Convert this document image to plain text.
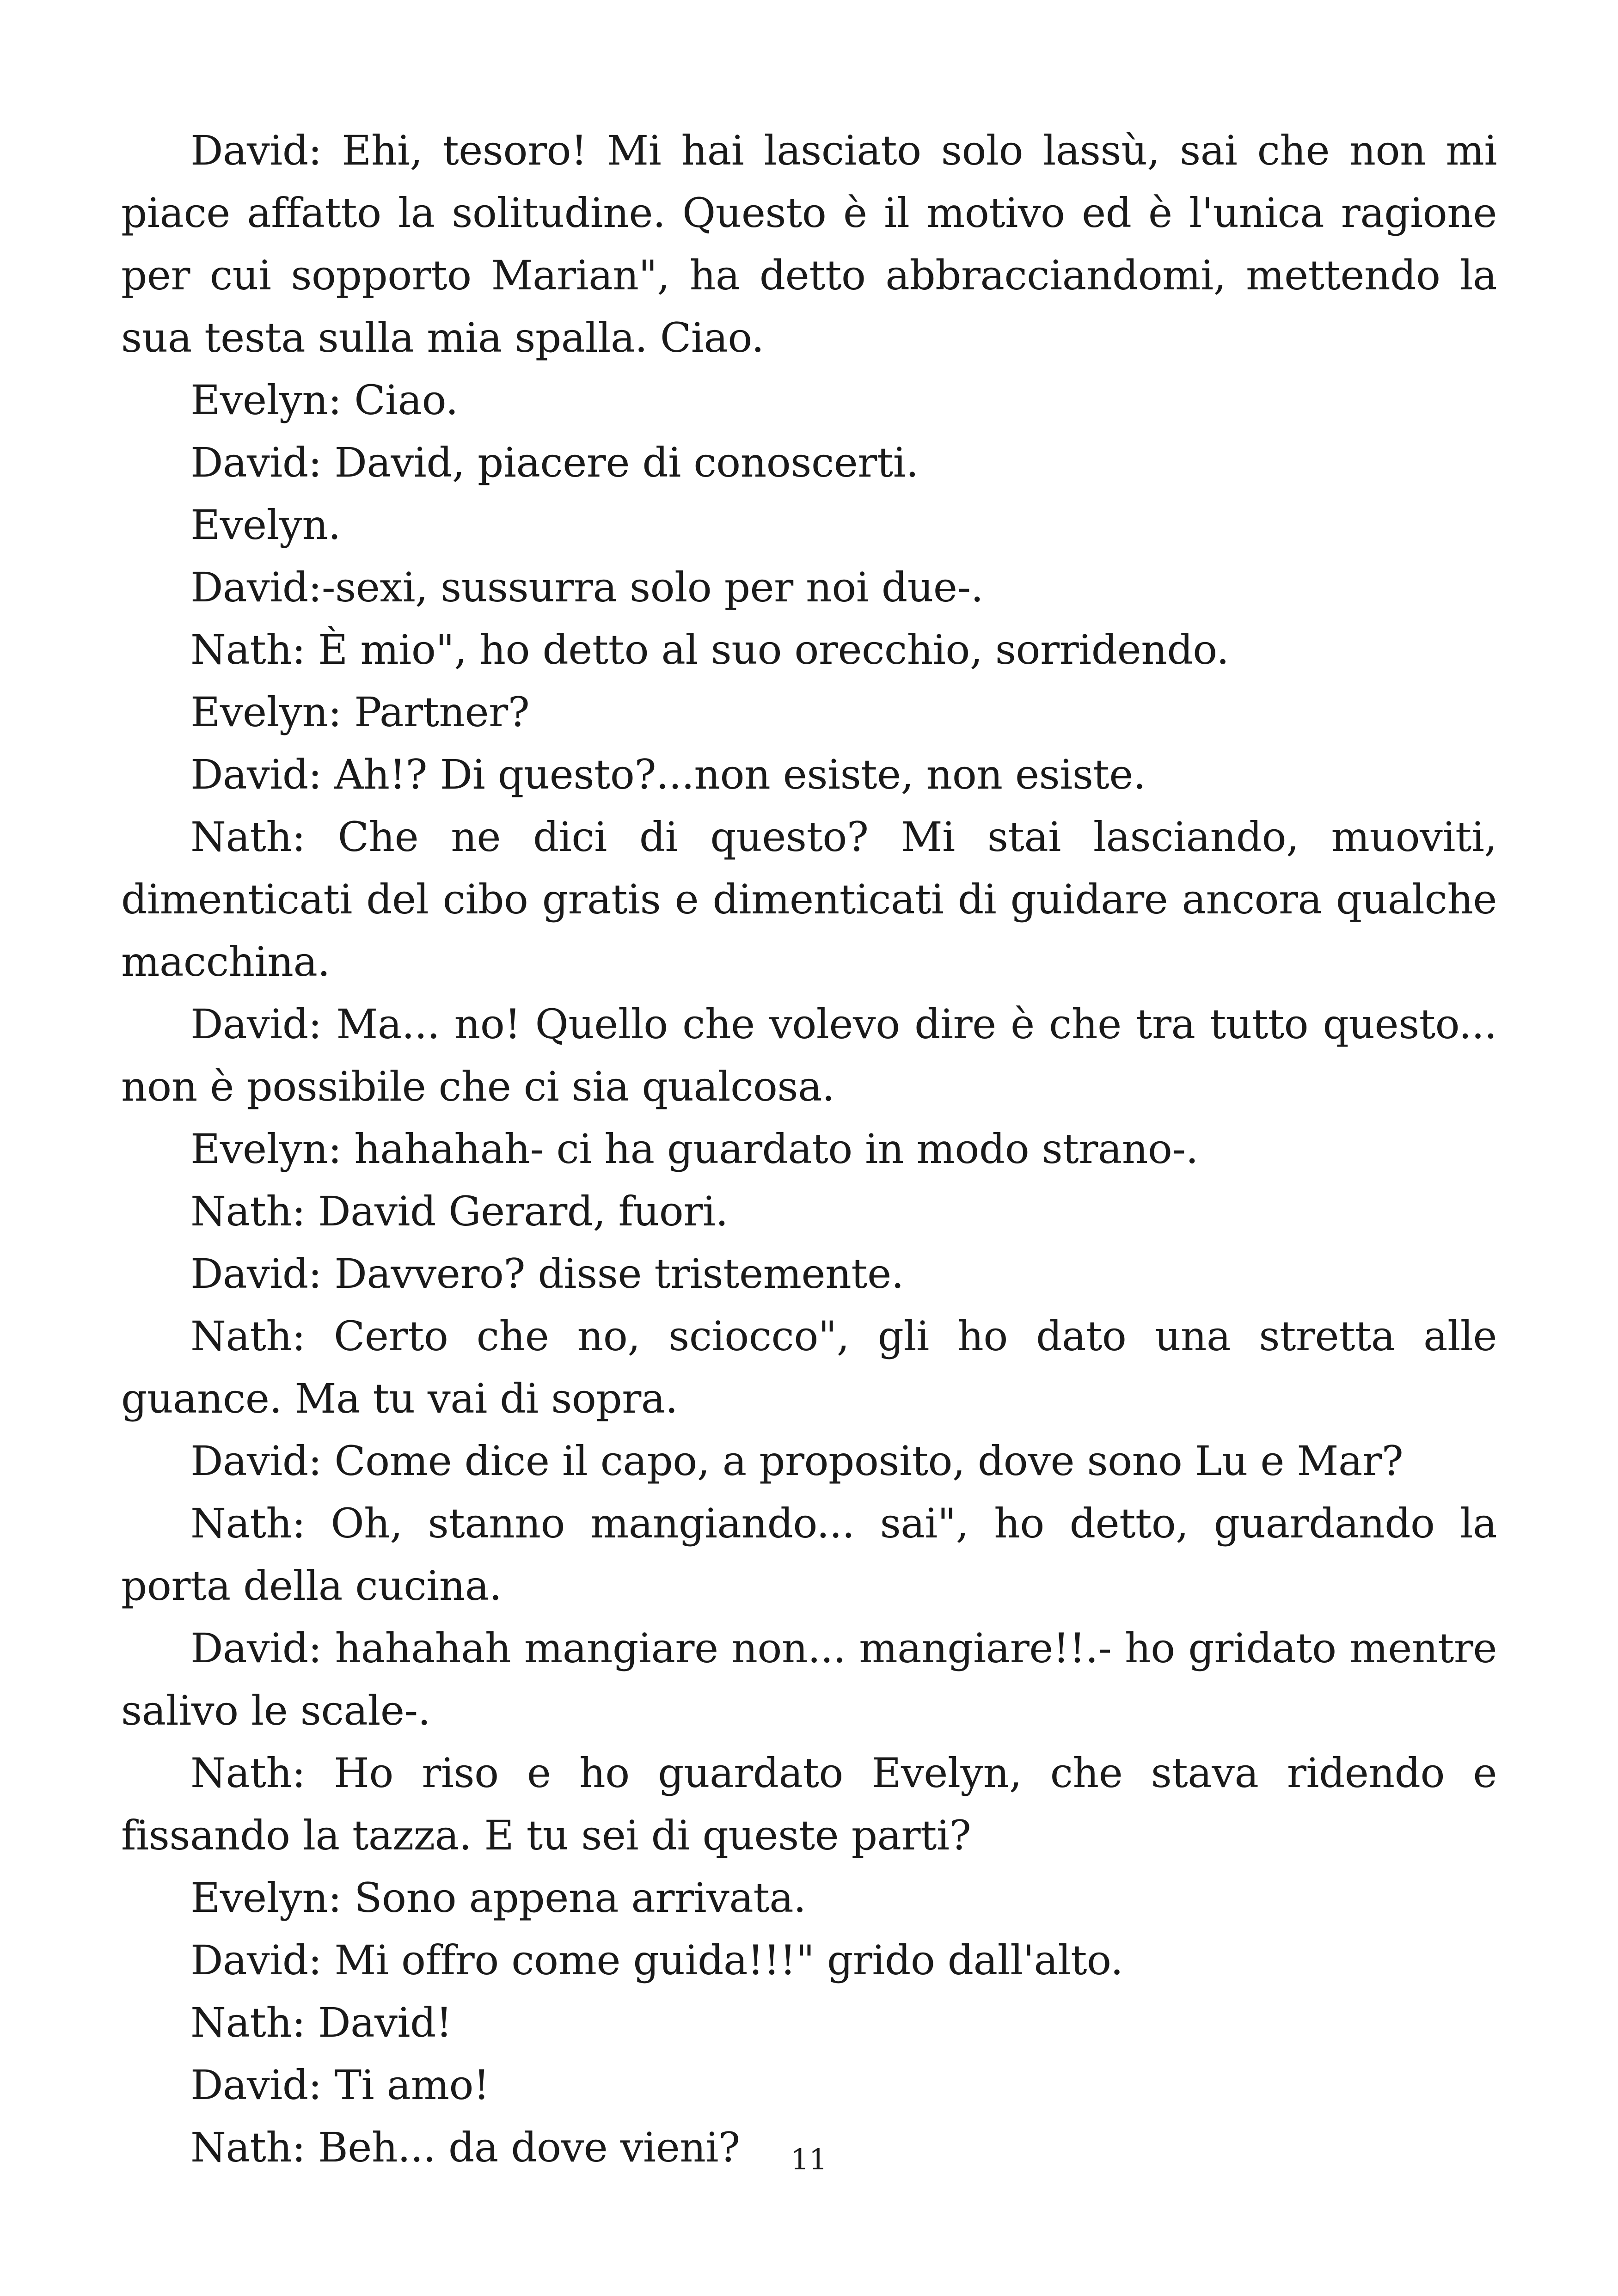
David: Ehi, tesoro! Mi hai lasciato solo lassù, sai che non mi piace affatto la solitudine. Questo è il motivo ed è l'unica ragione per cui sopporto Marian", ha detto abbracciandomi, mettendo la sua testa sulla mia spalla. Ciao.

Evelyn: Ciao.

David: David, piacere di conoscerti.

Evelyn.

David:-sexi, sussurra solo per noi due-.

Nath: È mio", ho detto al suo orecchio, sorridendo.

Evelyn: Partner?

David: Ah!? Di questo?...non esiste, non esiste.

Nath: Che ne dici di questo? Mi stai lasciando, muoviti, dimenticati del cibo gratis e dimenticati di guidare ancora qualche macchina.

David: Ma... no! Quello che volevo dire è che tra tutto questo... non è possibile che ci sia qualcosa.

Evelyn: hahahah- ci ha guardato in modo strano-.

Nath: David Gerard, fuori.

David: Davvero? disse tristemente.

Nath: Certo che no, sciocco", gli ho dato una stretta alle guance. Ma tu vai di sopra.

David: Come dice il capo, a proposito, dove sono Lu e Mar?

Nath: Oh, stanno mangiando... sai", ho detto, guardando la porta della cucina.

David: hahahah mangiare non... mangiare!!.- ho gridato mentre salivo le scale-.

Nath: Ho riso e ho guardato Evelyn, che stava ridendo e fissando la tazza. E tu sei di queste parti?

Evelyn: Sono appena arrivata.

David: Mi offro come guida!!!" grido dall'alto.

Nath: David!

David: Ti amo!

Nath: Beh... da dove vieni?	11
